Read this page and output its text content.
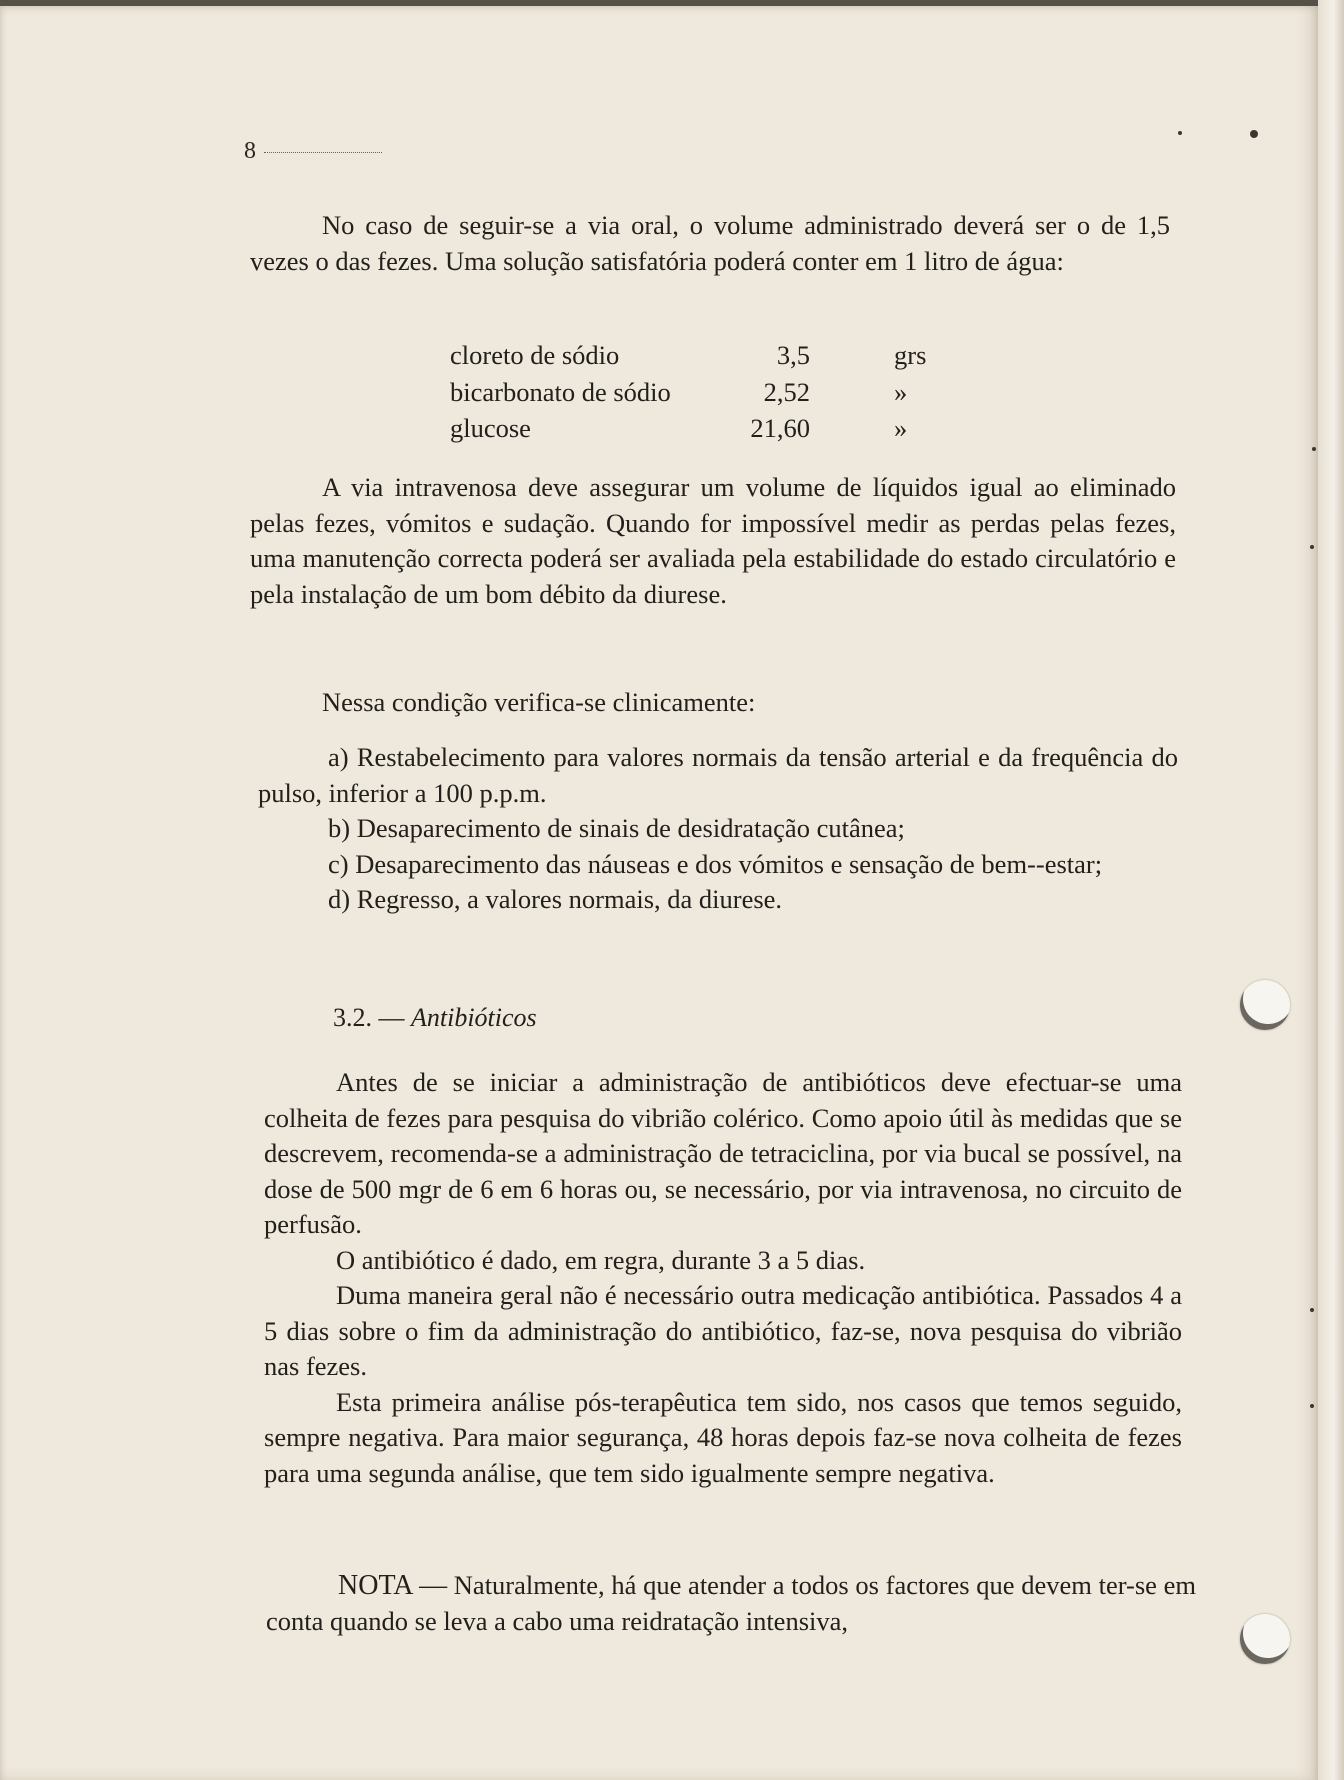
8

No caso de seguir-se a via oral, o volume administrado deverá ser o de 1,5 vezes o das fezes. Uma solução satisfatória poderá conter em 1 litro de água:

cloreto de sódio	3,5	grs
bicarbonato de sódio	2,52	»
glucose	21,60	»

A via intravenosa deve assegurar um volume de líquidos igual ao eliminado pelas fezes, vómitos e sudação. Quando for impossível medir as perdas pelas fezes, uma manutenção correcta poderá ser avaliada pela estabilidade do estado circulatório e pela instalação de um bom débito da diurese.

Nessa condição verifica-se clinicamente:

a) Restabelecimento para valores normais da tensão arterial e da frequência do pulso, inferior a 100 p.p.m.

b) Desaparecimento de sinais de desidratação cutânea;

c) Desaparecimento das náuseas e dos vómitos e sensação de bem--estar;

d) Regresso, a valores normais, da diurese.

3.2. — Antibióticos

Antes de se iniciar a administração de antibióticos deve efectuar-se uma colheita de fezes para pesquisa do vibrião colérico. Como apoio útil às medidas que se descrevem, recomenda-se a administração de tetraciclina, por via bucal se possível, na dose de 500 mgr de 6 em 6 horas ou, se necessário, por via intravenosa, no circuito de perfusão.

O antibiótico é dado, em regra, durante 3 a 5 dias.

Duma maneira geral não é necessário outra medicação antibiótica. Passados 4 a 5 dias sobre o fim da administração do antibiótico, faz-se, nova pesquisa do vibrião nas fezes.

Esta primeira análise pós-terapêutica tem sido, nos casos que temos seguido, sempre negativa. Para maior segurança, 48 horas depois faz-se nova colheita de fezes para uma segunda análise, que tem sido igualmente sempre negativa.

NOTA — Naturalmente, há que atender a todos os factores que devem ter-se em conta quando se leva a cabo uma reidratação intensiva,
